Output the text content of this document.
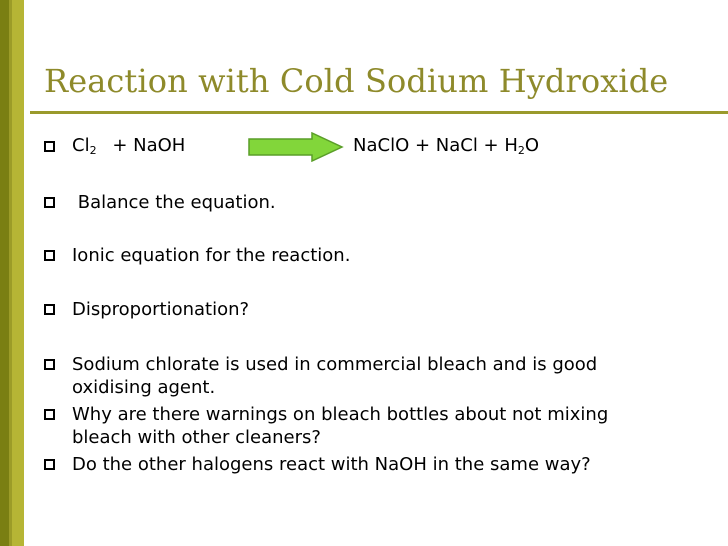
Reaction with Cold Sodium Hydroxide
$Cl_2$ + NaOH	NaClO + NaCl + $H_2O$
Balance the equation.
Ionic equation for the reaction.
Disproportionation?
Sodium chlorate is used in commercial bleach and is good
oxidising agent.
Why are there warnings on bleach bottles about not mixing
bleach with other cleaners?
Do the other halogens react with NaOH in the same way?
